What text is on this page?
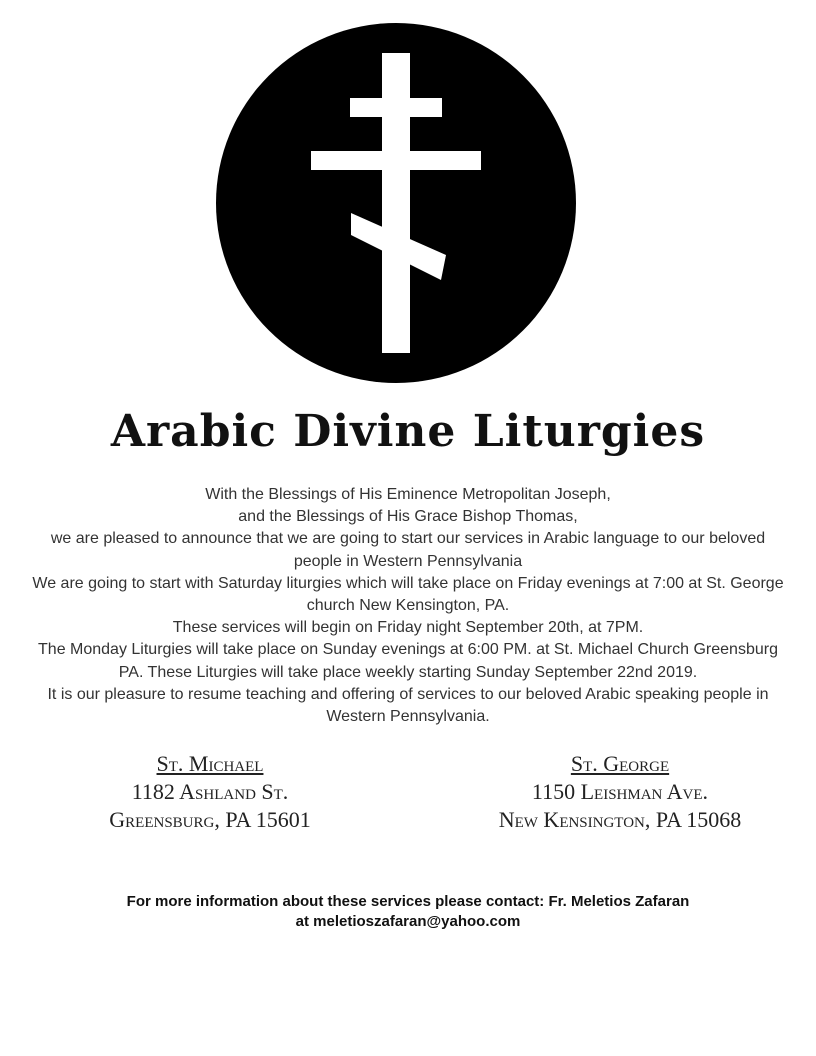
Arabic Divine Liturgies
With the Blessings of His Eminence Metropolitan Joseph,
and the Blessings of His Grace Bishop Thomas,
we are pleased to announce that we are going to start our services in Arabic language to our beloved
people in Western Pennsylvania
We are going to start with Saturday liturgies which will take place on Friday evenings at 7:00 at St. George
church New Kensington, PA.
These services will begin on Friday night September 20th, at 7PM.
The Monday Liturgies will take place on Sunday evenings at 6:00 PM. at St. Michael Church Greensburg
PA. These Liturgies will take place weekly starting Sunday September 22nd 2019.
It is our pleasure to resume teaching and offering of services to our beloved Arabic speaking people in
Western Pennsylvania.
St. Michael
1182 Ashland St.
Greensburg, PA 15601
St. George
1150 Leishman Ave.
New Kensington, PA 15068
For more information about these services please contact: Fr. Meletios Zafaran
at meletioszafaran@yahoo.com
